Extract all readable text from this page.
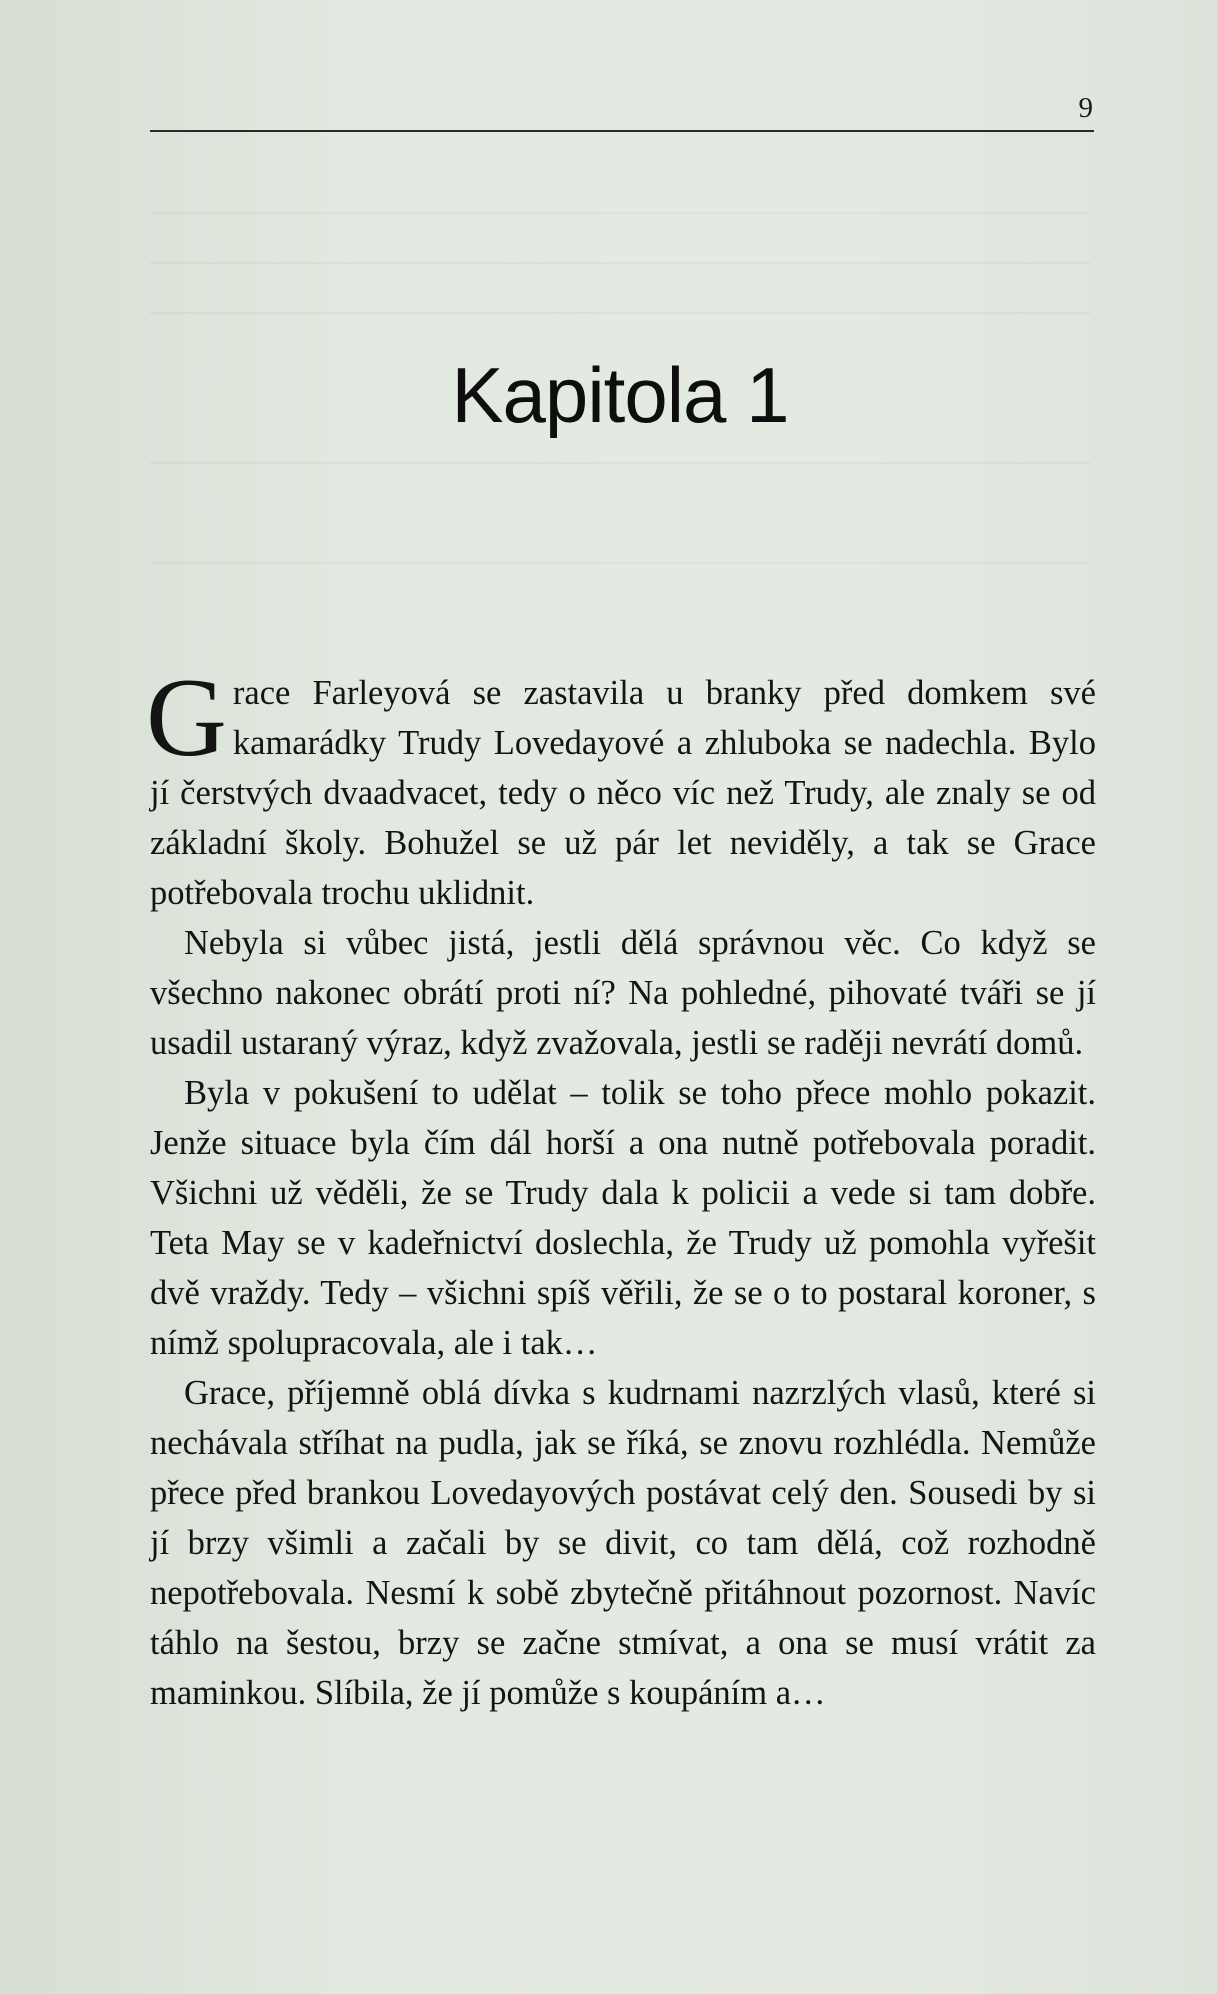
9
Kapitola 1

Grace Farleyová se zastavila u branky před domkem své kamarádky Trudy Lovedayové a zhluboka se nadechla. Bylo jí čerstvých dvaadvacet, tedy o něco víc než Trudy, ale znaly se od základní školy. Bohužel se už pár let neviděly, a tak se Grace potřebovala trochu uklidnit.

Nebyla si vůbec jistá, jestli dělá správnou věc. Co když se všechno nakonec obrátí proti ní? Na pohledné, pihovaté tváři se jí usadil ustaraný výraz, když zvažovala, jestli se raději nevrátí domů.

Byla v pokušení to udělat – tolik se toho přece mohlo pokazit. Jenže situace byla čím dál horší a ona nutně potřebovala poradit. Všichni už věděli, že se Trudy dala k policii a vede si tam dobře. Teta May se v kadeřnictví doslechla, že Trudy už pomohla vyřešit dvě vraždy. Tedy – všichni spíš věřili, že se o to postaral koroner, s nímž spolupracovala, ale i tak…

Grace, příjemně oblá dívka s kudrnami nazrzlých vlasů, které si nechávala stříhat na pudla, jak se říká, se znovu rozhlédla. Nemůže přece před brankou Lovedayových postávat celý den. Sousedi by si jí brzy všimli a začali by se divit, co tam dělá, což rozhodně nepotřebovala. Nesmí k sobě zbytečně přitáhnout pozornost. Navíc táhlo na šestou, brzy se začne stmívat, a ona se musí vrátit za maminkou. Slíbila, že jí pomůže s koupáním a…
